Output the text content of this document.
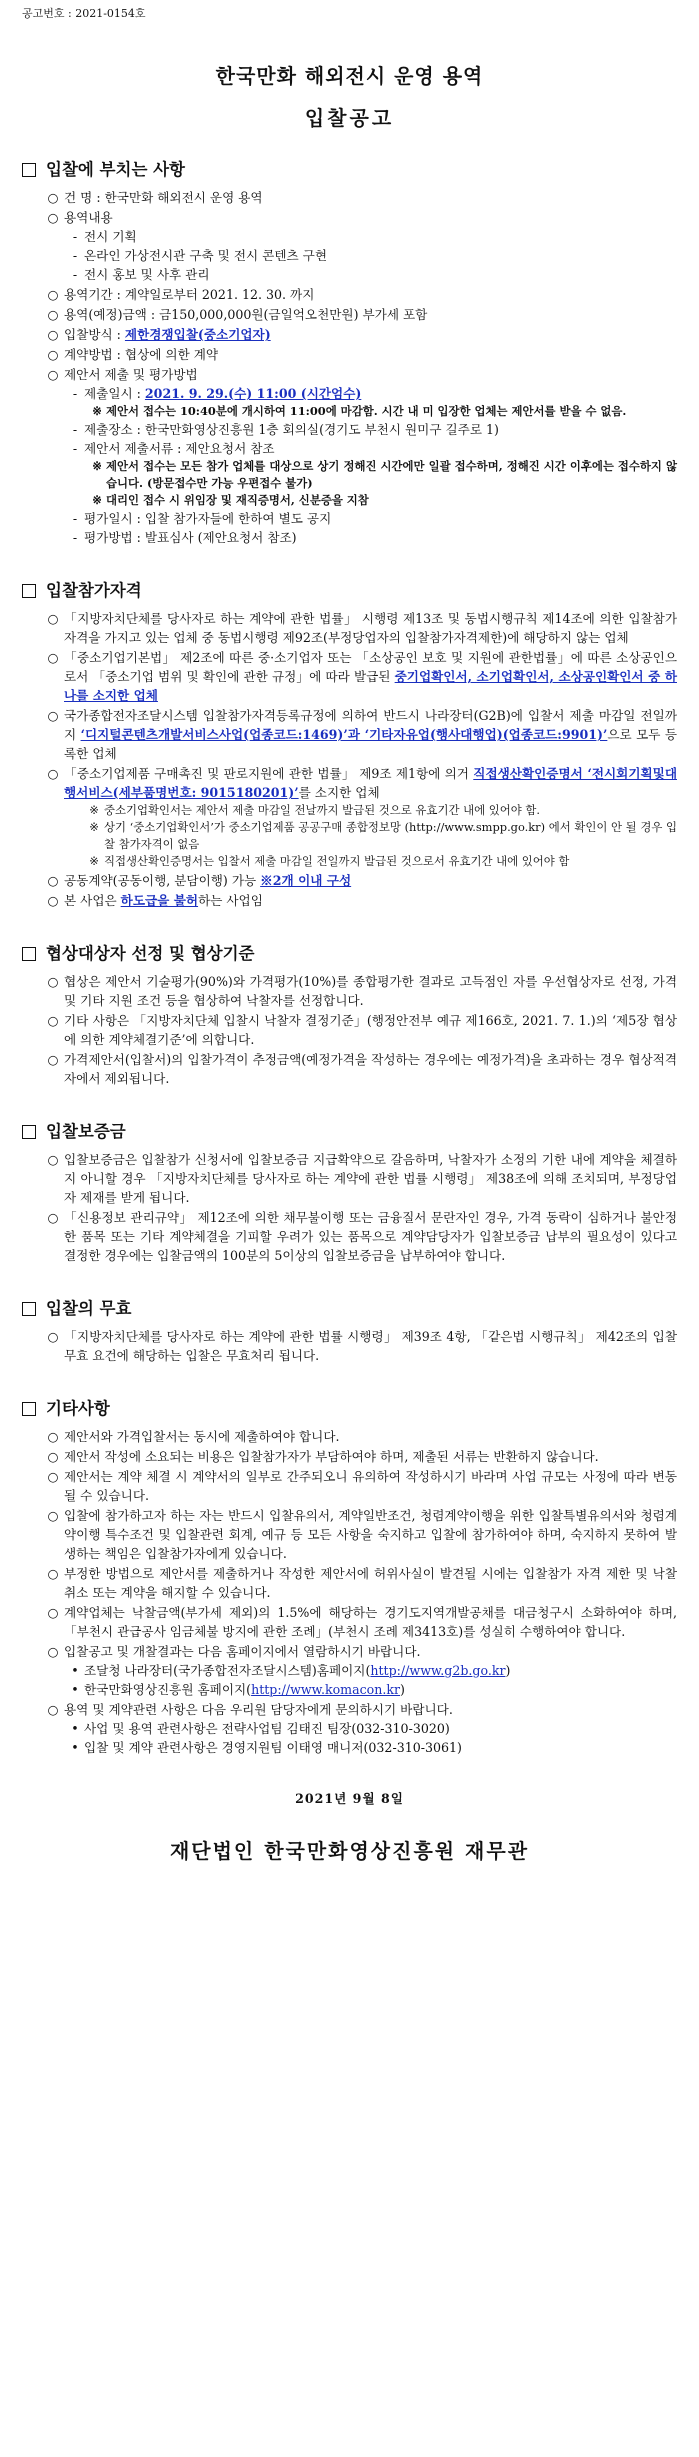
공고번호 : 2021-0154호
한국만화 해외전시 운영 용역
입찰공고
입찰에 부치는 사항
○ 건 명 : 한국만화 해외전시 운영 용역
○ 용역내용
- 전시 기획
- 온라인 가상전시관 구축 및 전시 콘텐츠 구현
- 전시 홍보 및 사후 관리
○ 용역기간 : 계약일로부터 2021. 12. 30. 까지
○ 용역(예정)금액 : 금150,000,000원(금일억오천만원) 부가세 포함
○ 입찰방식 : 제한경쟁입찰(중소기업자)
○ 계약방법 : 협상에 의한 계약
○ 제안서 제출 및 평가방법
- 제출일시 : 2021. 9. 29.(수) 11:00 (시간엄수)
※ 제안서 접수는 10:40분에 개시하여 11:00에 마감함. 시간 내 미 입장한 업체는 제안서를 받을 수 없음.
- 제출장소 : 한국만화영상진흥원 1층 회의실(경기도 부천시 원미구 길주로 1)
- 제안서 제출서류 : 제안요청서 참조
※ 제안서 접수는 모든 참가 업체를 대상으로 상기 정해진 시간에만 일괄 접수하며, 정해진 시간 이후에는 접수하지 않습니다. (방문접수만 가능 우편접수 불가)
※ 대리인 접수 시 위임장 및 재직증명서, 신분증을 지참
- 평가일시 : 입찰 참가자들에 한하여 별도 공지
- 평가방법 : 발표심사 (제안요청서 참조)
입찰참가자격
○ 「지방자치단체를 당사자로 하는 계약에 관한 법률」 시행령 제13조 및 동법시행규칙 제14조에 의한 입찰참가자격을 가지고 있는 업체 중 동법시행령 제92조(부정당업자의 입찰참가자격제한)에 해당하지 않는 업체
○ 「중소기업기본법」 제2조에 따른 중·소기업자 또는 「소상공인 보호 및 지원에 관한법률」에 따른 소상공인으로서 「중소기업 범위 및 확인에 관한 규정」에 따라 발급된 중기업확인서, 소기업확인서, 소상공인확인서 중 하나를 소지한 업체
○ 국가종합전자조달시스템 입찰참가자격등록규정에 의하여 반드시 나라장터(G2B)에 입찰서 제출 마감일 전일까지 ‘디지털콘텐츠개발서비스사업(업종코드:1469)’과 ‘기타자유업(행사대행업)(업종코드:9901)’으로 모두 등록한 업체
○ 「중소기업제품 구매촉진 및 판로지원에 관한 법률」 제9조 제1항에 의거 직접생산확인증명서 ‘전시회기획및대행서비스(세부품명번호: 9015180201)’를 소지한 업체
※ 중소기업확인서는 제안서 제출 마감일 전날까지 발급된 것으로 유효기간 내에 있어야 함.
※ 상기 ‘중소기업확인서’가 중소기업제품 공공구매 종합정보망 (http://www.smpp.go.kr) 에서 확인이 안 될 경우 입찰 참가자격이 없음
※ 직접생산확인증명서는 입찰서 제출 마감일 전일까지 발급된 것으로서 유효기간 내에 있어야 함
○ 공동계약(공동이행, 분담이행) 가능 ※2개 이내 구성
○ 본 사업은 하도급을 불허하는 사업임
협상대상자 선정 및 협상기준
○ 협상은 제안서 기술평가(90%)와 가격평가(10%)를 종합평가한 결과로 고득점인 자를 우선협상자로 선정, 가격 및 기타 지원 조건 등을 협상하여 낙찰자를 선정합니다.
○ 기타 사항은 「지방자치단체 입찰시 낙찰자 결정기준」(행정안전부 예규 제166호, 2021. 7. 1.)의 ‘제5장 협상에 의한 계약체결기준’에 의합니다.
○ 가격제안서(입찰서)의 입찰가격이 추정금액(예정가격을 작성하는 경우에는 예정가격)을 초과하는 경우 협상적격자에서 제외됩니다.
입찰보증금
○ 입찰보증금은 입찰참가 신청서에 입찰보증금 지급확약으로 갈음하며, 낙찰자가 소정의 기한 내에 계약을 체결하지 아니할 경우 「지방자치단체를 당사자로 하는 계약에 관한 법률 시행령」 제38조에 의해 조치되며, 부정당업자 제재를 받게 됩니다.
○ 「신용정보 관리규약」 제12조에 의한 채무불이행 또는 금융질서 문란자인 경우, 가격 동락이 심하거나 불안정한 품목 또는 기타 계약체결을 기피할 우려가 있는 품목으로 계약담당자가 입찰보증금 납부의 필요성이 있다고 결정한 경우에는 입찰금액의 100분의 5이상의 입찰보증금을 납부하여야 합니다.
입찰의 무효
○ 「지방자치단체를 당사자로 하는 계약에 관한 법률 시행령」 제39조 4항, 「같은법 시행규칙」 제42조의 입찰무효 요건에 해당하는 입찰은 무효처리 됩니다.
기타사항
○ 제안서와 가격입찰서는 동시에 제출하여야 합니다.
○ 제안서 작성에 소요되는 비용은 입찰참가자가 부담하여야 하며, 제출된 서류는 반환하지 않습니다.
○ 제안서는 계약 체결 시 계약서의 일부로 간주되오니 유의하여 작성하시기 바라며 사업 규모는 사정에 따라 변동될 수 있습니다.
○ 입찰에 참가하고자 하는 자는 반드시 입찰유의서, 계약일반조건, 청렴계약이행을 위한 입찰특별유의서와 청렴계약이행 특수조건 및 입찰관련 회계, 예규 등 모든 사항을 숙지하고 입찰에 참가하여야 하며, 숙지하지 못하여 발생하는 책임은 입찰참가자에게 있습니다.
○ 부정한 방법으로 제안서를 제출하거나 작성한 제안서에 허위사실이 발견될 시에는 입찰참가 자격 제한 및 낙찰 취소 또는 계약을 해지할 수 있습니다.
○ 계약업체는 낙찰금액(부가세 제외)의 1.5%에 해당하는 경기도지역개발공채를 대금청구시 소화하여야 하며, 「부천시 관급공사 임금체불 방지에 관한 조례」(부천시 조례 제3413호)를 성실히 수행하여야 합니다.
○ 입찰공고 및 개찰결과는 다음 홈페이지에서 열람하시기 바랍니다.
• 조달청 나라장터(국가종합전자조달시스템)홈페이지(http://www.g2b.go.kr)
• 한국만화영상진흥원 홈페이지(http://www.komacon.kr)
○ 용역 및 계약관련 사항은 다음 우리원 담당자에게 문의하시기 바랍니다.
• 사업 및 용역 관련사항은 전략사업팀 김태진 팀장(032-310-3020)
• 입찰 및 계약 관련사항은 경영지원팀 이태영 매니저(032-310-3061)
2021년 9월 8일
재단법인 한국만화영상진흥원 재무관
